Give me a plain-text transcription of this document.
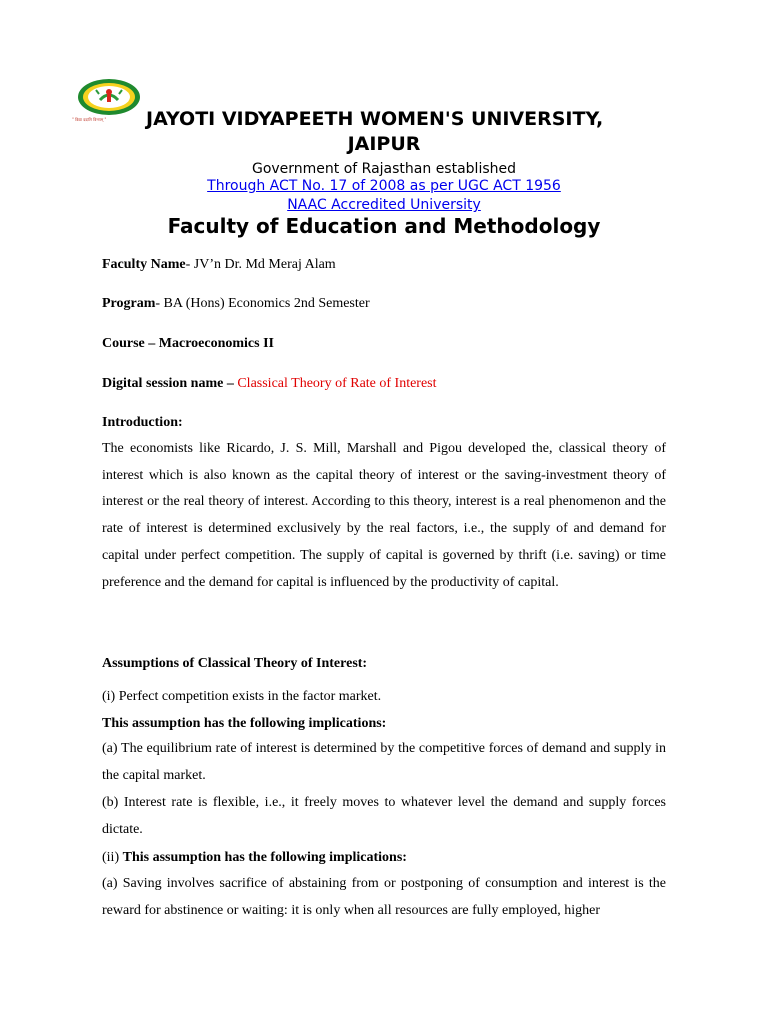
" विद्या ददाति विनयम् "	JAYOTI VIDYAPEETH WOMEN'S UNIVERSITY,
JAIPUR
Government of Rajasthan established
Through ACT No. 17 of 2008 as per UGC ACT 1956
NAAC Accredited University
Faculty of Education and Methodology
Faculty Name- JV’n Dr. Md Meraj Alam
Program- BA (Hons) Economics 2nd Semester
Course – Macroeconomics II
Digital session name – Classical Theory of Rate of Interest
Introduction:

The economists like Ricardo, J. S. Mill, Marshall and Pigou developed the, classical theory of interest which is also known as the capital theory of interest or the saving-investment theory of interest or the real theory of interest. According to this theory, interest is a real phenomenon and the rate of interest is determined exclusively by the real factors, i.e., the supply of and demand for capital under perfect competition. The supply of capital is governed by thrift (i.e. saving) or time preference and the demand for capital is influenced by the productivity of capital.

Assumptions of Classical Theory of Interest:

(i) Perfect competition exists in the factor market.

This assumption has the following implications:

(a) The equilibrium rate of interest is determined by the competitive forces of demand and supply in the capital market.

(b) Interest rate is flexible, i.e., it freely moves to whatever level the demand and supply forces dictate.

(ii) This assumption has the following implications:

(a) Saving involves sacrifice of abstaining from or postponing of consumption and interest is the reward for abstinence or waiting: it is only when all resources are fully employed, higher
